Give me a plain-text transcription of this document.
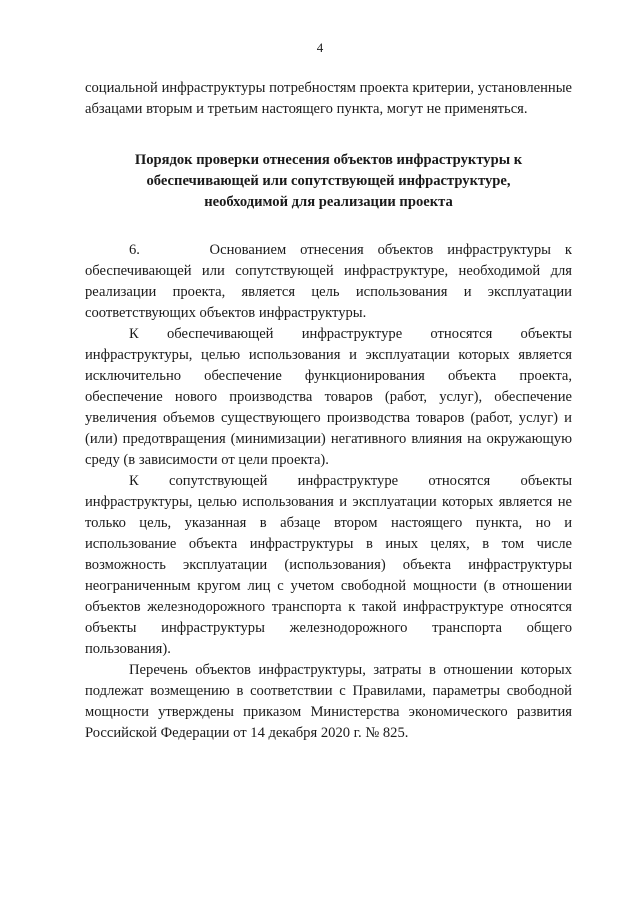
4

социальной инфраструктуры потребностям проекта критерии, установленные абзацами вторым и третьим настоящего пункта, могут не применяться.

Порядок проверки отнесения объектов инфраструктуры к
обеспечивающей или сопутствующей инфраструктуре,
необходимой для реализации проекта

6.     Основанием отнесения объектов инфраструктуры к обеспечивающей или сопутствующей инфраструктуре, необходимой для реализации проекта, является цель использования и эксплуатации соответствующих объектов инфраструктуры.

К обеспечивающей инфраструктуре относятся объекты инфраструктуры, целью использования и эксплуатации которых является исключительно обеспечение функционирования объекта проекта, обеспечение нового производства товаров (работ, услуг), обеспечение увеличения объемов существующего производства товаров (работ, услуг) и (или) предотвращения (минимизации) негативного влияния на окружающую среду (в зависимости от цели проекта).

К сопутствующей инфраструктуре относятся объекты инфраструктуры, целью использования и эксплуатации которых является не только цель, указанная в абзаце втором настоящего пункта, но и использование объекта инфраструктуры в иных целях, в том числе возможность эксплуатации (использования) объекта инфраструктуры неограниченным кругом лиц с учетом свободной мощности (в отношении объектов железнодорожного транспорта к такой инфраструктуре относятся объекты инфраструктуры железнодорожного транспорта общего пользования).

Перечень объектов инфраструктуры, затраты в отношении которых подлежат возмещению в соответствии с Правилами, параметры свободной мощности утверждены приказом Министерства экономического развития Российской Федерации от 14 декабря 2020 г. № 825.
